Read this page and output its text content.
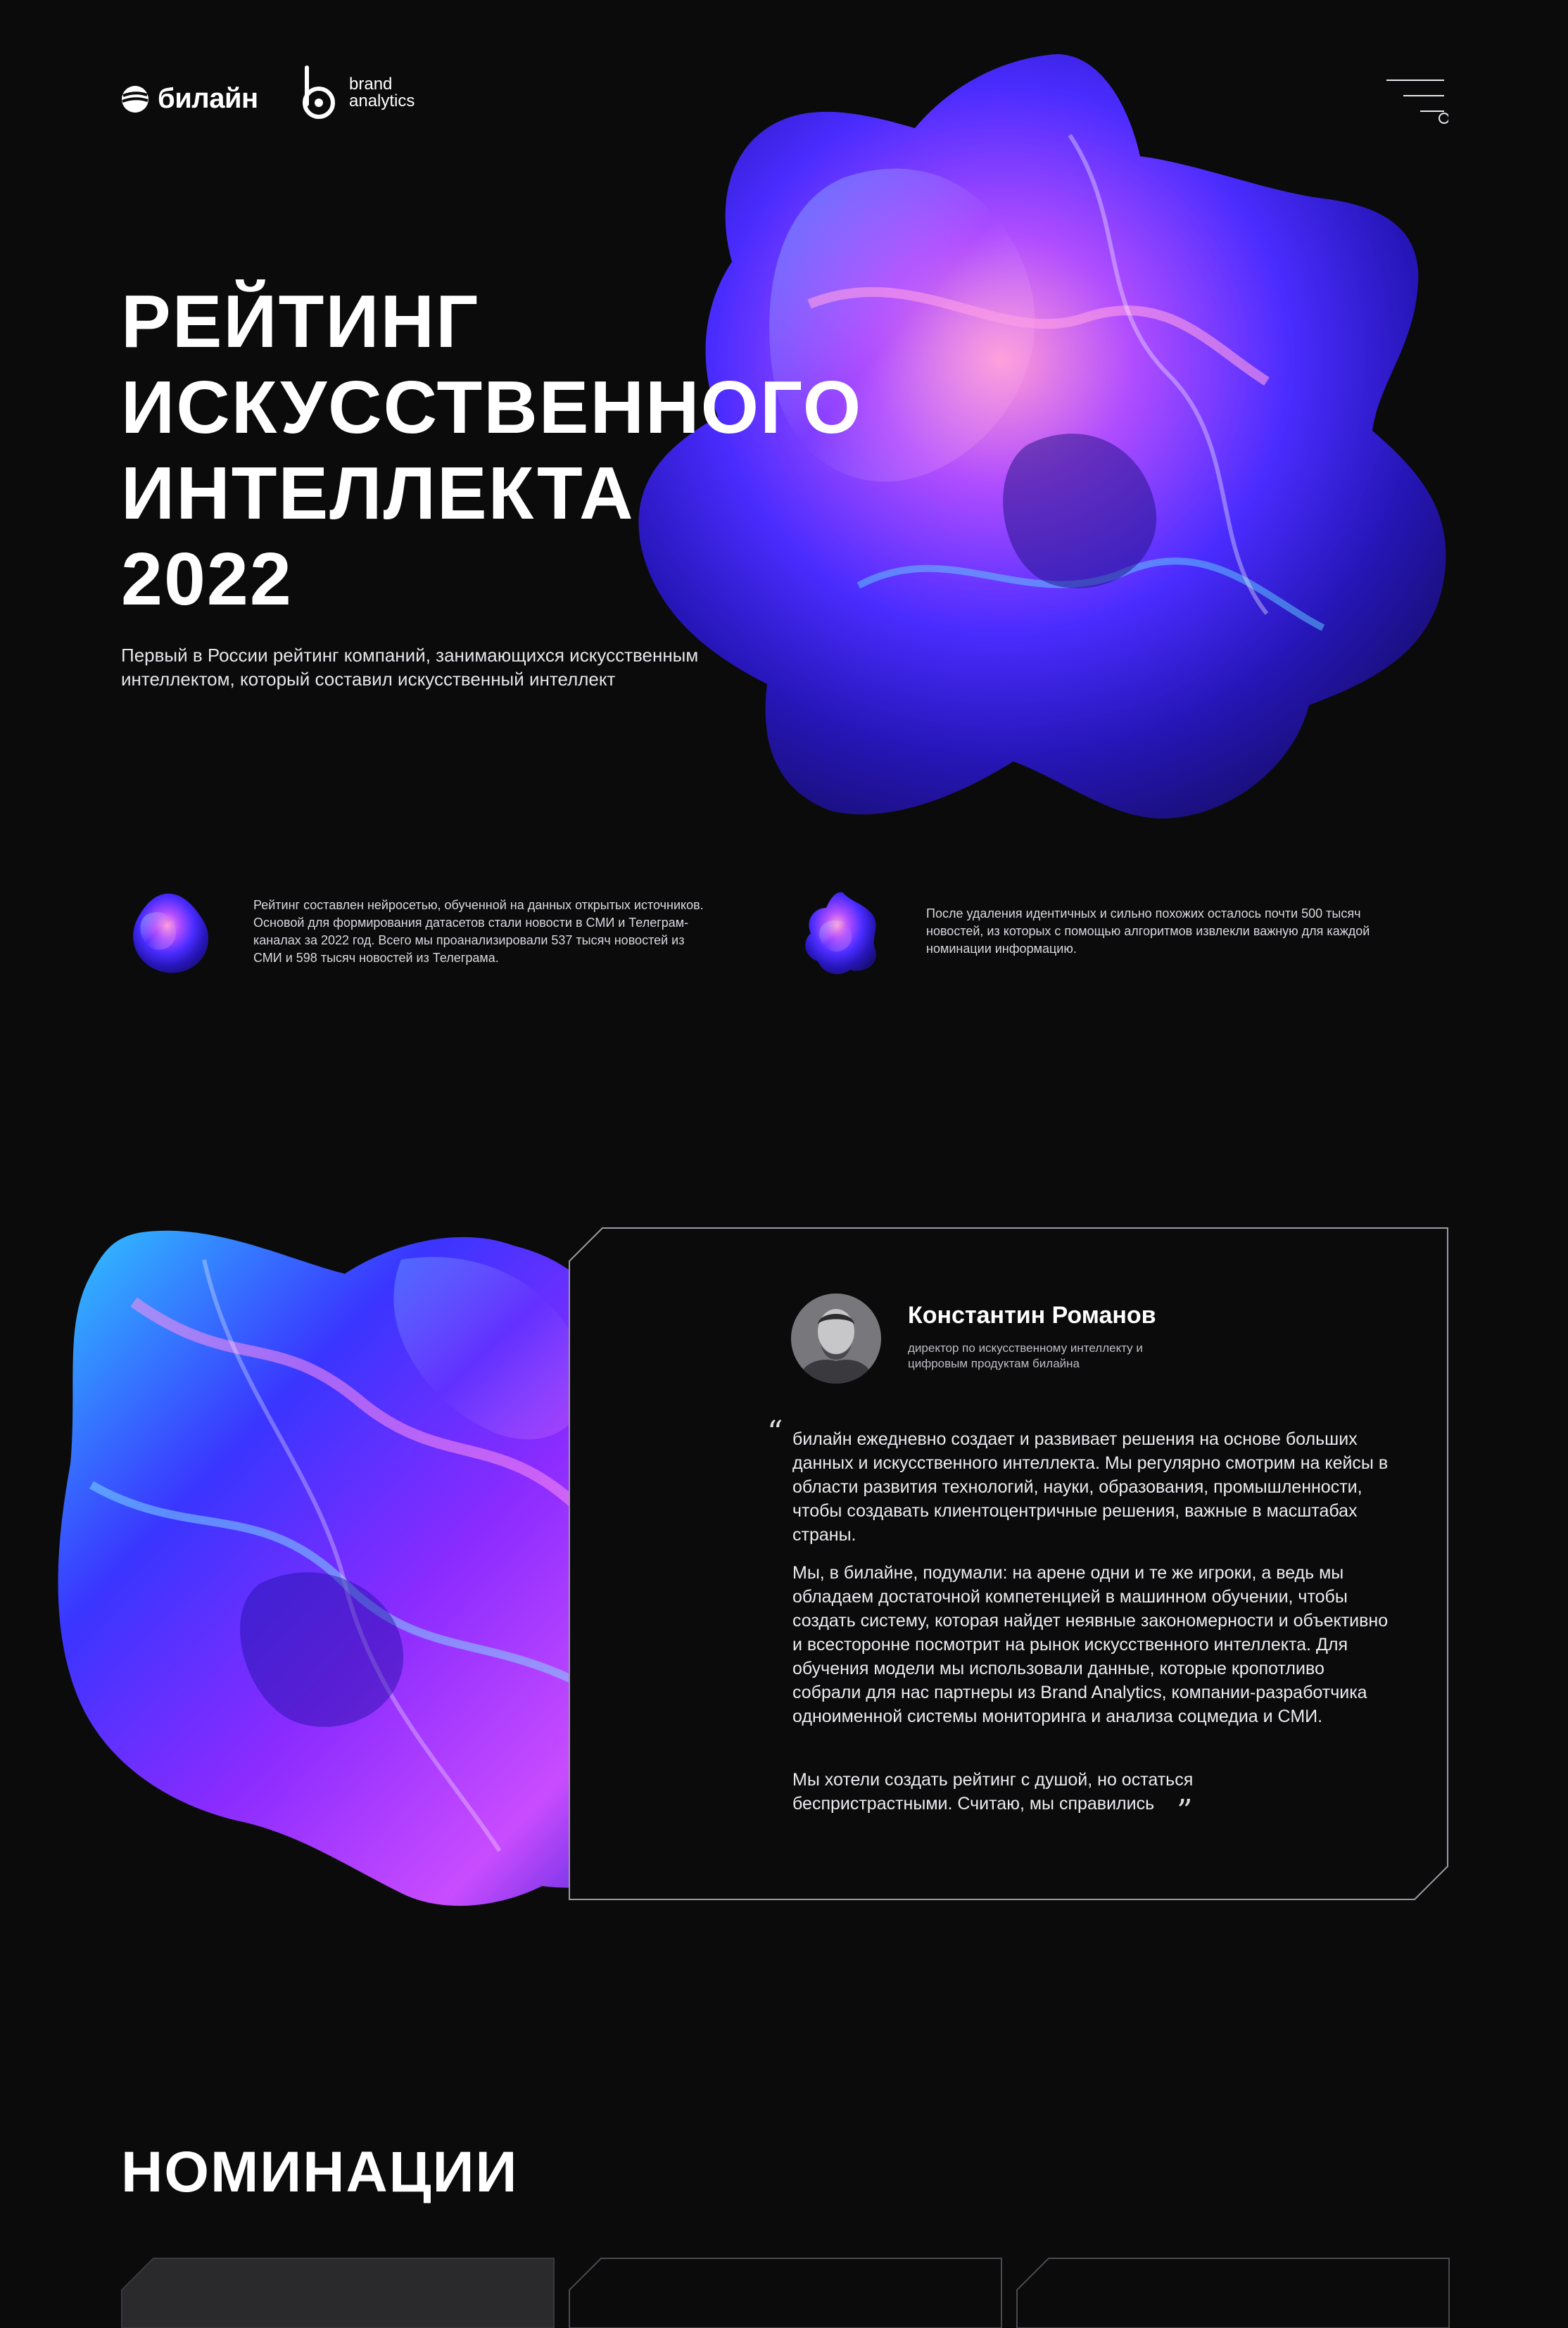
билайн	brand
analytics
РЕЙТИНГ
ИСКУССТВЕННОГО
ИНТЕЛЛЕКТА
2022
Первый в России рейтинг компаний, занимающихся искусственным интеллектом, который составил искусственный интеллект
Рейтинг составлен нейросетью, обученной на данных открытых источников. Основой для формирования датасетов стали новости в СМИ и Телеграм-каналах за 2022 год. Всего мы проанализировали 537 тысяч новостей из СМИ и 598 тысяч новостей из Телеграма.
После удаления идентичных и сильно похожих осталось почти 500 тысяч новостей, из которых с помощью алгоритмов извлекли важную для каждой номинации информацию.
Константин Романов
директор по искусственному интеллекту и цифровым продуктам билайна
“ билайн ежедневно создает и развивает решения на основе больших данных и искусственного интеллекта. Мы регулярно смотрим на кейсы в области развития технологий, науки, образования, промышленности, чтобы создавать клиентоцентричные решения, важные в масштабах страны.

Мы, в билайне, подумали: на арене одни и те же игроки, а ведь мы обладаем достаточной компетенцией в машинном обучении, чтобы создать систему, которая найдет неявные закономерности и объективно и всесторонне посмотрит на рынок искусственного интеллекта. Для обучения модели мы использовали данные, которые кропотливо собрали для нас партнеры из Brand Analytics, компании-разработчика одноименной системы мониторинга и анализа соцмедиа и СМИ.

Мы хотели создать рейтинг с душой, но остаться беспристрастными. Считаю, мы справились ”
НОМИНАЦИИ
